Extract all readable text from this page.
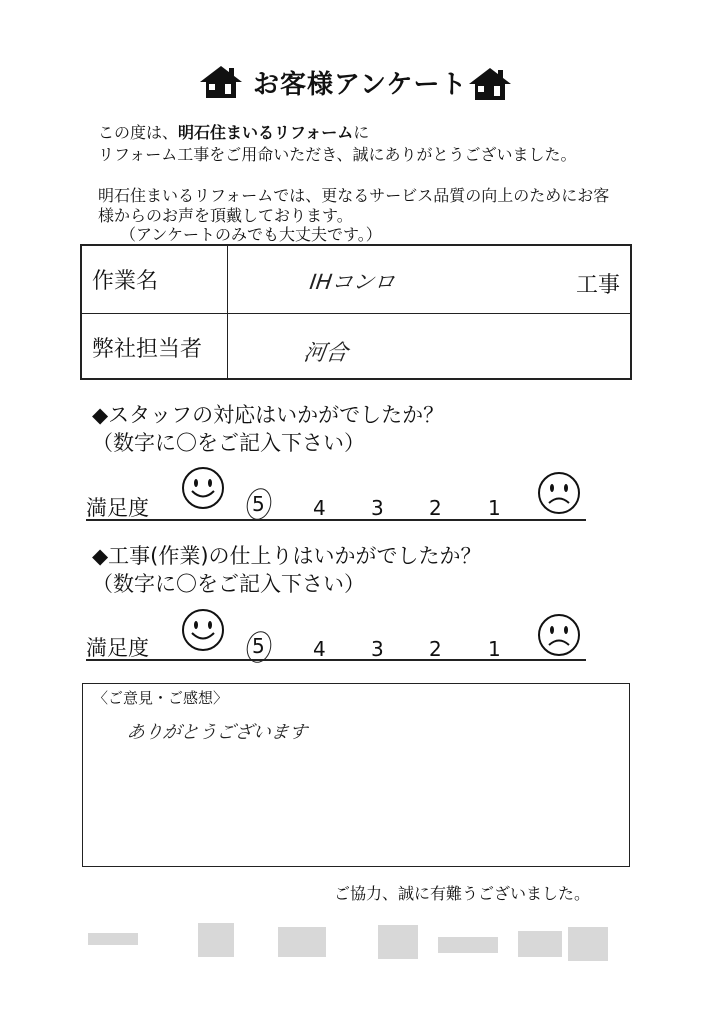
お客様アンケート
この度は、明石住まいるリフォームに
リフォーム工事をご用命いただき、誠にありがとうございました。
明石住まいるリフォームでは、更なるサービス品質の向上のためにお客
様からのお声を頂戴しております。
（アンケートのみでも大丈夫です。）
作業名	IHコンロ	工事
弊社担当者	河合
◆スタッフの対応はいかがでしたか？
（数字に〇をご記入下さい）
満足度	5 4 3 2 1
◆工事(作業)の仕上りはいかがでしたか？
（数字に〇をご記入下さい）
満足度	5 4 3 2 1
〈ご意見・ご感想〉
ありがとうございます
ご協力、誠に有難うございました。
